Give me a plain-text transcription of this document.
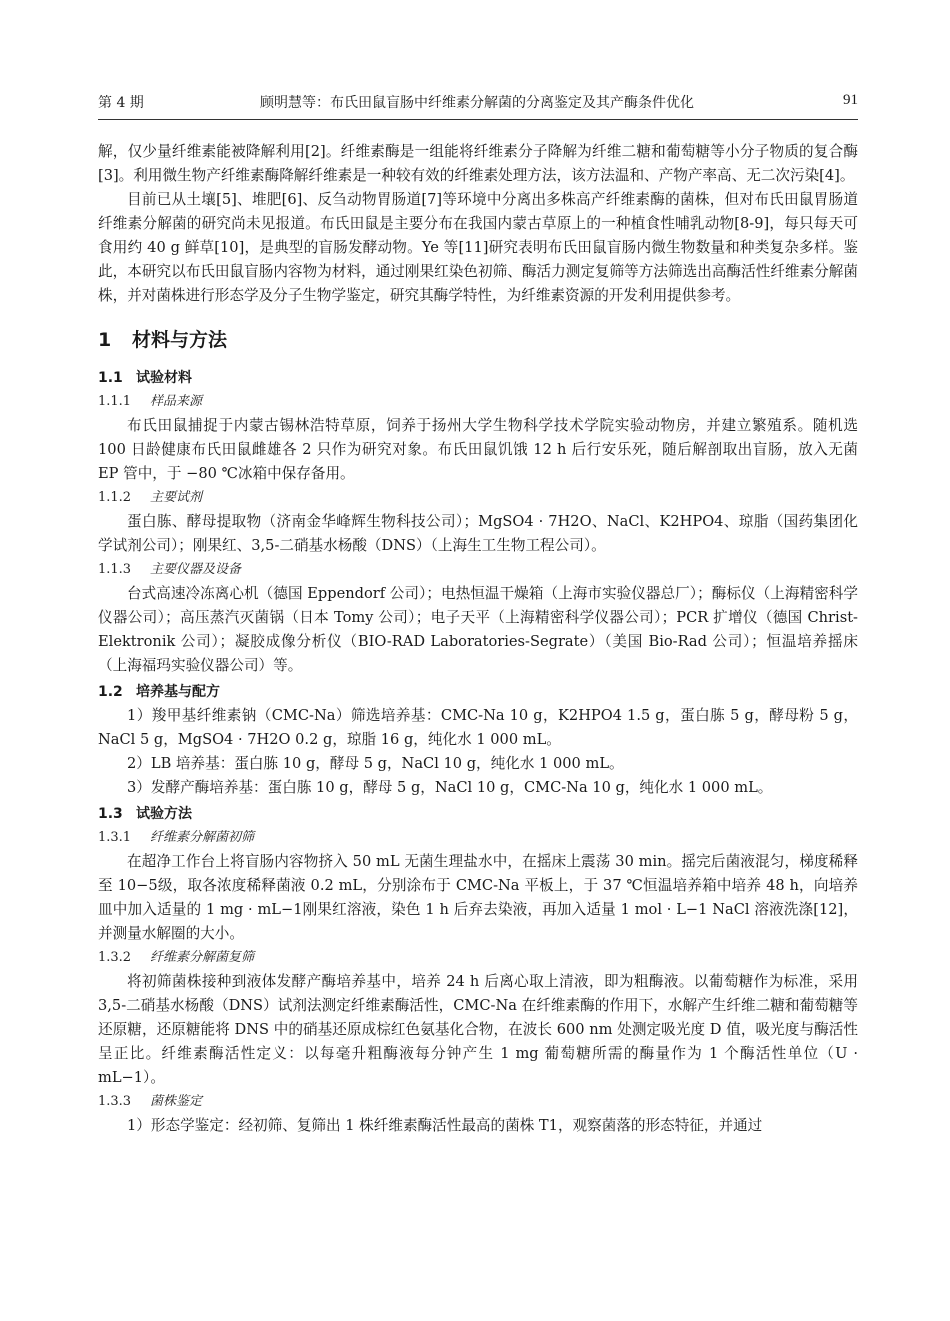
第 4 期	顾明慧等：布氏田鼠盲肠中纤维素分解菌的分离鉴定及其产酶条件优化	91

解，仅少量纤维素能被降解利用[2]。纤维素酶是一组能将纤维素分子降解为纤维二糖和葡萄糖等小分子物质的复合酶[3]。利用微生物产纤维素酶降解纤维素是一种较有效的纤维素处理方法，该方法温和、产物产率高、无二次污染[4]。

目前已从土壤[5]、堆肥[6]、反刍动物胃肠道[7]等环境中分离出多株高产纤维素酶的菌株，但对布氏田鼠胃肠道纤维素分解菌的研究尚未见报道。布氏田鼠是主要分布在我国内蒙古草原上的一种植食性哺乳动物[8-9]，每只每天可食用约 40 g 鲜草[10]，是典型的盲肠发酵动物。Ye 等[11]研究表明布氏田鼠盲肠内微生物数量和种类复杂多样。鉴此，本研究以布氏田鼠盲肠内容物为材料，通过刚果红染色初筛、酶活力测定复筛等方法筛选出高酶活性纤维素分解菌株，并对菌株进行形态学及分子生物学鉴定，研究其酶学特性，为纤维素资源的开发利用提供参考。

1 材料与方法
1.1 试验材料
1.1.1 样品来源

布氏田鼠捕捉于内蒙古锡林浩特草原，饲养于扬州大学生物科学技术学院实验动物房，并建立繁殖系。随机选 100 日龄健康布氏田鼠雌雄各 2 只作为研究对象。布氏田鼠饥饿 12 h 后行安乐死，随后解剖取出盲肠，放入无菌 EP 管中，于 −80 ℃冰箱中保存备用。

1.1.2 主要试剂

蛋白胨、酵母提取物（济南金华峰辉生物科技公司）；MgSO4 · 7H2O、NaCl、K2HPO4、琼脂（国药集团化学试剂公司）；刚果红、3,5-二硝基水杨酸（DNS）（上海生工生物工程公司）。

1.1.3 主要仪器及设备

台式高速冷冻离心机（德国 Eppendorf 公司）；电热恒温干燥箱（上海市实验仪器总厂）；酶标仪（上海精密科学仪器公司）；高压蒸汽灭菌锅（日本 Tomy 公司）；电子天平（上海精密科学仪器公司）；PCR 扩增仪（德国 Christ-Elektronik 公司）；凝胶成像分析仪（BIO-RAD Laboratories-Segrate）（美国 Bio-Rad 公司）；恒温培养摇床（上海福玛实验仪器公司）等。

1.2 培养基与配方

1）羧甲基纤维素钠（CMC-Na）筛选培养基：CMC-Na 10 g，K2HPO4 1.5 g，蛋白胨 5 g，酵母粉 5 g，NaCl 5 g，MgSO4 · 7H2O 0.2 g，琼脂 16 g，纯化水 1 000 mL。

2）LB 培养基：蛋白胨 10 g，酵母 5 g，NaCl 10 g，纯化水 1 000 mL。

3）发酵产酶培养基：蛋白胨 10 g，酵母 5 g，NaCl 10 g，CMC-Na 10 g，纯化水 1 000 mL。

1.3 试验方法
1.3.1 纤维素分解菌初筛

在超净工作台上将盲肠内容物挤入 50 mL 无菌生理盐水中，在摇床上震荡 30 min。摇完后菌液混匀，梯度稀释至 10−5级，取各浓度稀释菌液 0.2 mL，分别涂布于 CMC-Na 平板上，于 37 ℃恒温培养箱中培养 48 h，向培养皿中加入适量的 1 mg · mL−1刚果红溶液，染色 1 h 后弃去染液，再加入适量 1 mol · L−1 NaCl 溶液洗涤[12]，并测量水解圈的大小。

1.3.2 纤维素分解菌复筛

将初筛菌株接种到液体发酵产酶培养基中，培养 24 h 后离心取上清液，即为粗酶液。以葡萄糖作为标准，采用 3,5-二硝基水杨酸（DNS）试剂法测定纤维素酶活性，CMC-Na 在纤维素酶的作用下，水解产生纤维二糖和葡萄糖等还原糖，还原糖能将 DNS 中的硝基还原成棕红色氨基化合物，在波长 600 nm 处测定吸光度 D 值，吸光度与酶活性呈正比。纤维素酶活性定义：以每毫升粗酶液每分钟产生 1 mg 葡萄糖所需的酶量作为 1 个酶活性单位（U · mL−1）。

1.3.3 菌株鉴定

1）形态学鉴定：经初筛、复筛出 1 株纤维素酶活性最高的菌株 T1，观察菌落的形态特征，并通过
